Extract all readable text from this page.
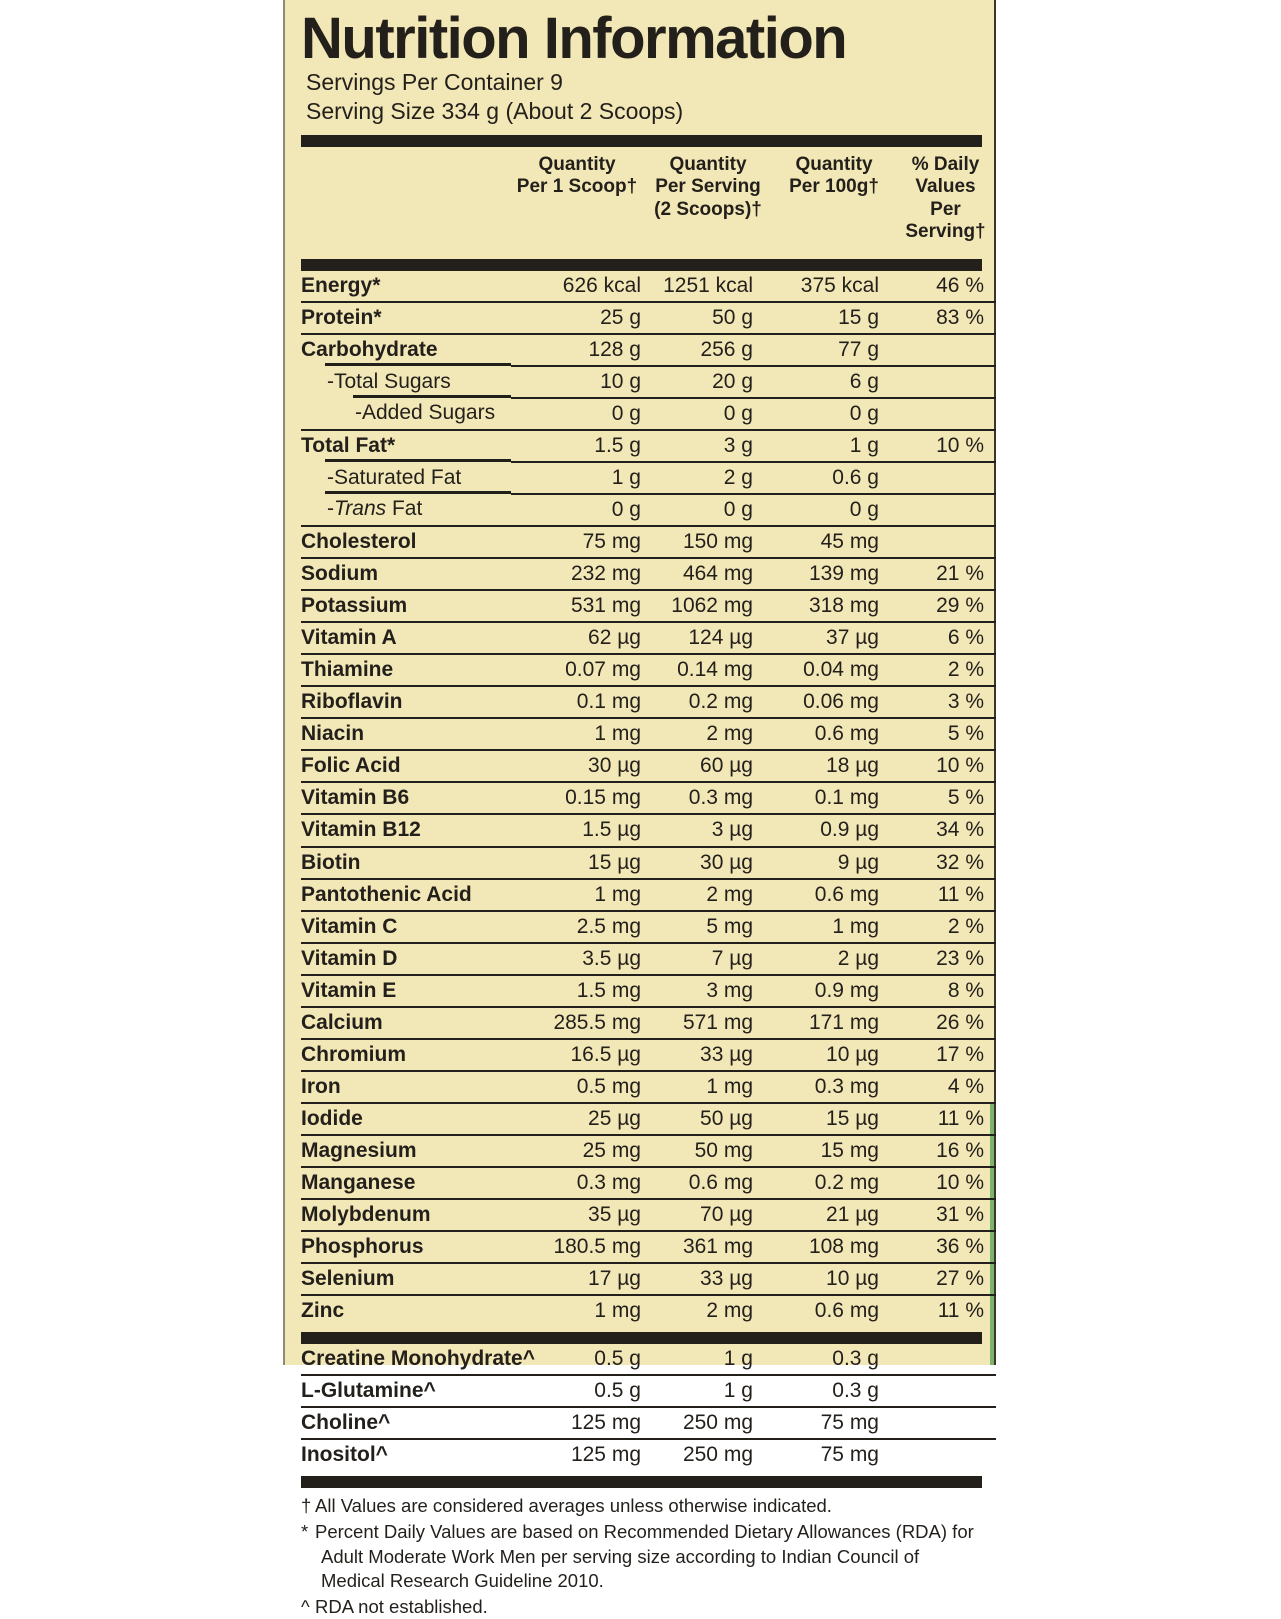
Nutrition Information
Servings Per Container 9
Serving Size 334 g (About 2 Scoops)
	Quantity
Per 1 Scoop†	Quantity
Per Serving
(2 Scoops)†	Quantity
Per 100g†	% Daily
Values
Per Serving†
Energy*	626 kcal	1251 kcal	375 kcal	46 %
Protein*	25 g	50 g	15 g	83 %
Carbohydrate	128 g	256 g	77 g	
-Total Sugars	10 g	20 g	6 g	
-Added Sugars	0 g	0 g	0 g	
Total Fat*	1.5 g	3 g	1 g	10 %
-Saturated Fat	1 g	2 g	0.6 g	
-Trans Fat	0 g	0 g	0 g	
Cholesterol	75 mg	150 mg	45 mg	
Sodium	232 mg	464 mg	139 mg	21 %
Potassium	531 mg	1062 mg	318 mg	29 %
Vitamin A	62 µg	124 µg	37 µg	6 %
Thiamine	0.07 mg	0.14 mg	0.04 mg	2 %
Riboflavin	0.1 mg	0.2 mg	0.06 mg	3 %
Niacin	1 mg	2 mg	0.6 mg	5 %
Folic Acid	30 µg	60 µg	18 µg	10 %
Vitamin B6	0.15 mg	0.3 mg	0.1 mg	5 %
Vitamin B12	1.5 µg	3 µg	0.9 µg	34 %
Biotin	15 µg	30 µg	9 µg	32 %
Pantothenic Acid	1 mg	2 mg	0.6 mg	11 %
Vitamin C	2.5 mg	5 mg	1 mg	2 %
Vitamin D	3.5 µg	7 µg	2 µg	23 %
Vitamin E	1.5 mg	3 mg	0.9 mg	8 %
Calcium	285.5 mg	571 mg	171 mg	26 %
Chromium	16.5 µg	33 µg	10 µg	17 %
Iron	0.5 mg	1 mg	0.3 mg	4 %
Iodide	25 µg	50 µg	15 µg	11 %
Magnesium	25 mg	50 mg	15 mg	16 %
Manganese	0.3 mg	0.6 mg	0.2 mg	10 %
Molybdenum	35 µg	70 µg	21 µg	31 %
Phosphorus	180.5 mg	361 mg	108 mg	36 %
Selenium	17 µg	33 µg	10 µg	27 %
Zinc	1 mg	2 mg	0.6 mg	11 %
Creatine Monohydrate^	0.5 g	1 g	0.3 g	
L-Glutamine^	0.5 g	1 g	0.3 g	
Choline^	125 mg	250 mg	75 mg	
Inositol^	125 mg	250 mg	75 mg	
† All Values are considered averages unless otherwise indicated.
* Percent Daily Values are based on Recommended Dietary Allowances (RDA) for Adult Moderate Work Men per serving size according to Indian Council of Medical Research Guideline 2010.
^ RDA not established.
